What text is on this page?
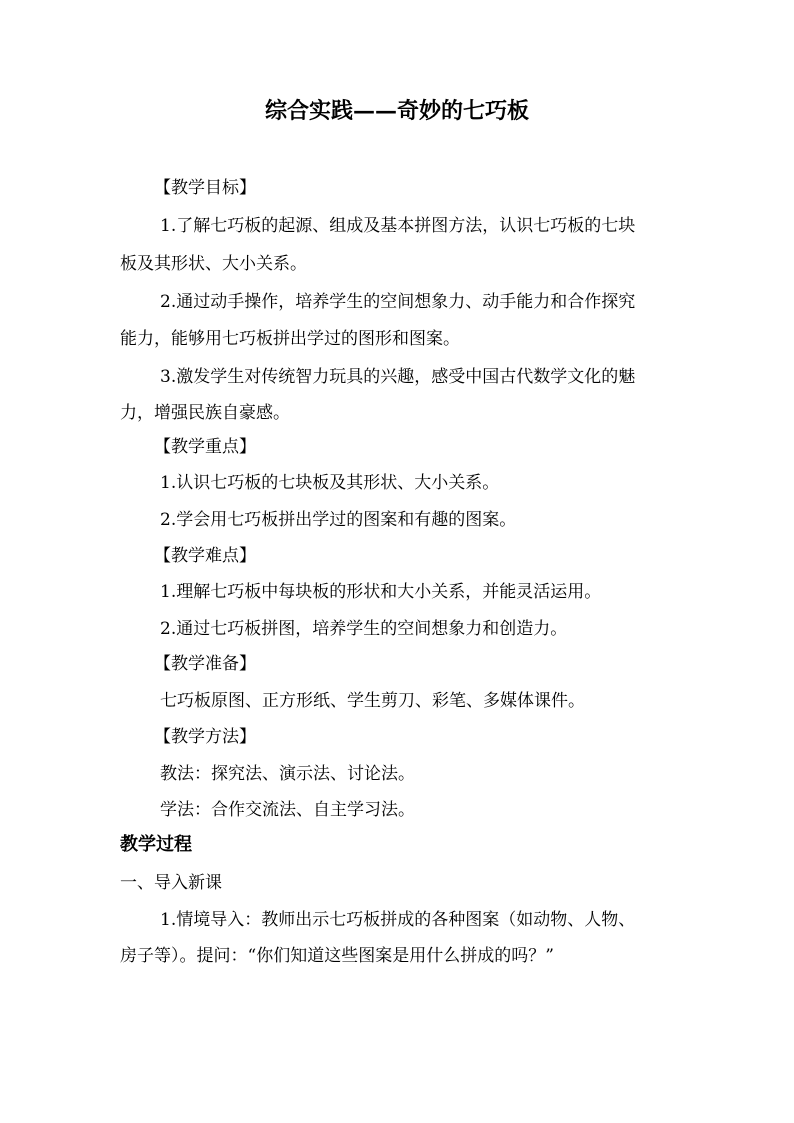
综合实践——奇妙的七巧板
【教学目标】
1.了解七巧板的起源、组成及基本拼图方法，认识七巧板的七块
板及其形状、大小关系。
2.通过动手操作，培养学生的空间想象力、动手能力和合作探究
能力，能够用七巧板拼出学过的图形和图案。
3.激发学生对传统智力玩具的兴趣，感受中国古代数学文化的魅
力，增强民族自豪感。
【教学重点】
1.认识七巧板的七块板及其形状、大小关系。
2.学会用七巧板拼出学过的图案和有趣的图案。
【教学难点】
1.理解七巧板中每块板的形状和大小关系，并能灵活运用。
2.通过七巧板拼图，培养学生的空间想象力和创造力。
【教学准备】
七巧板原图、正方形纸、学生剪刀、彩笔、多媒体课件。
【教学方法】
教法：探究法、演示法、讨论法。
学法：合作交流法、自主学习法。
教学过程
一、导入新课
1.情境导入：教师出示七巧板拼成的各种图案（如动物、人物、
房子等）。提问：“你们知道这些图案是用什么拼成的吗？”
